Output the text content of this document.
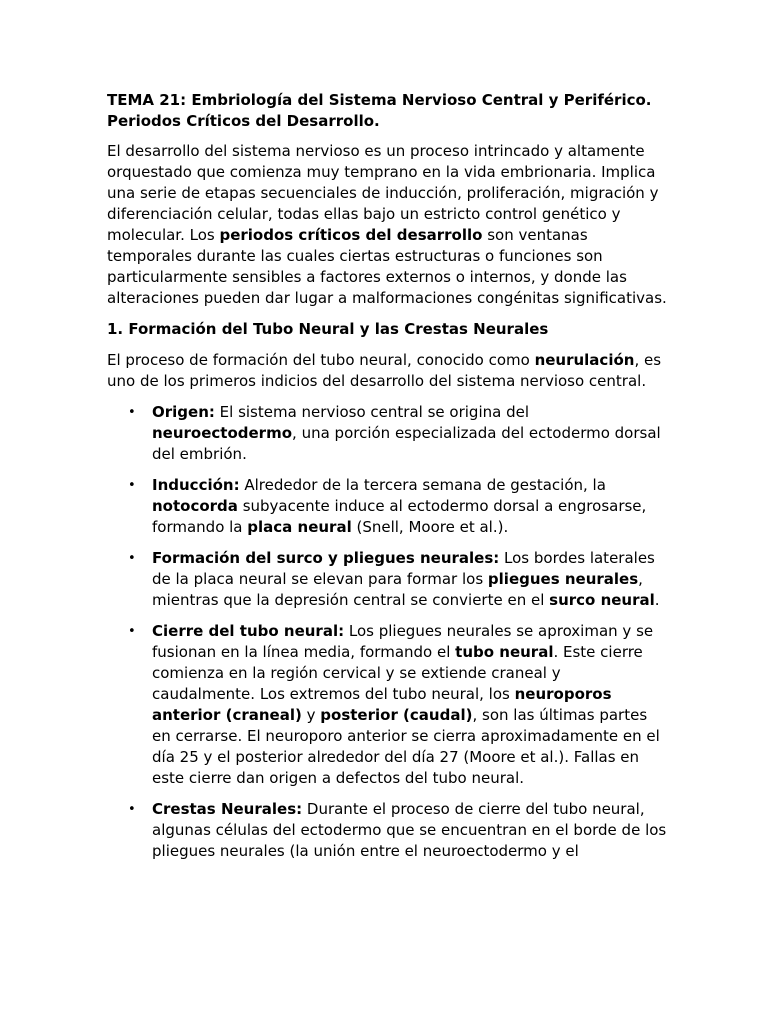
TEMA 21: Embriología del Sistema Nervioso Central y Periférico.
Periodos Críticos del Desarrollo.

El desarrollo del sistema nervioso es un proceso intrincado y altamente orquestado que comienza muy temprano en la vida embrionaria. Implica una serie de etapas secuenciales de inducción, proliferación, migración y diferenciación celular, todas ellas bajo un estricto control genético y molecular. Los periodos críticos del desarrollo son ventanas temporales durante las cuales ciertas estructuras o funciones son particularmente sensibles a factores externos o internos, y donde las alteraciones pueden dar lugar a malformaciones congénitas significativas.

1. Formación del Tubo Neural y las Crestas Neurales

El proceso de formación del tubo neural, conocido como neurulación, es uno de los primeros indicios del desarrollo del sistema nervioso central.

• Origen: El sistema nervioso central se origina del neuroectodermo, una porción especializada del ectodermo dorsal del embrión.
• Inducción: Alrededor de la tercera semana de gestación, la notocorda subyacente induce al ectodermo dorsal a engrosarse, formando la placa neural (Snell, Moore et al.).
• Formación del surco y pliegues neurales: Los bordes laterales de la placa neural se elevan para formar los pliegues neurales, mientras que la depresión central se convierte en el surco neural.
• Cierre del tubo neural: Los pliegues neurales se aproximan y se fusionan en la línea media, formando el tubo neural. Este cierre comienza en la región cervical y se extiende craneal y caudalmente. Los extremos del tubo neural, los neuroporos anterior (craneal) y posterior (caudal), son las últimas partes en cerrarse. El neuroporo anterior se cierra aproximadamente en el día 25 y el posterior alrededor del día 27 (Moore et al.). Fallas en este cierre dan origen a defectos del tubo neural.
• Crestas Neurales: Durante el proceso de cierre del tubo neural, algunas células del ectodermo que se encuentran en el borde de los pliegues neurales (la unión entre el neuroectodermo y el
